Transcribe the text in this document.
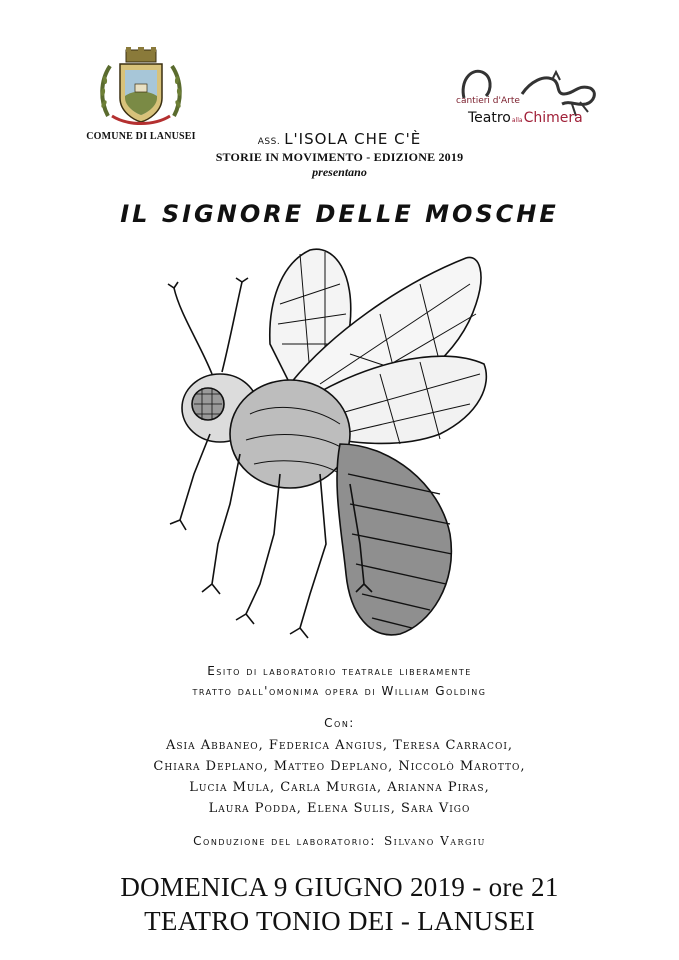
COMUNE DI LANUSEI
cantieri d'Arte
TeatroallaChimera
ASS. L'ISOLA CHE C'È
STORIE IN MOVIMENTO - EDIZIONE 2019
presentano
IL SIGNORE DELLE MOSCHE
Esito di laboratorio teatrale liberamente
tratto dall'omonima opera di William Golding
Con:
Asia Abbaneo, Federica Angius, Teresa Carracoi,
Chiara Deplano, Matteo Deplano, Niccolò Marotto,
Lucia Mula, Carla Murgia, Arianna Piras,
Laura Podda, Elena Sulis, Sara Vigo
Conduzione del laboratorio: Silvano Vargiu
DOMENICA 9 GIUGNO 2019 - ore 21
TEATRO TONIO DEI - LANUSEI
